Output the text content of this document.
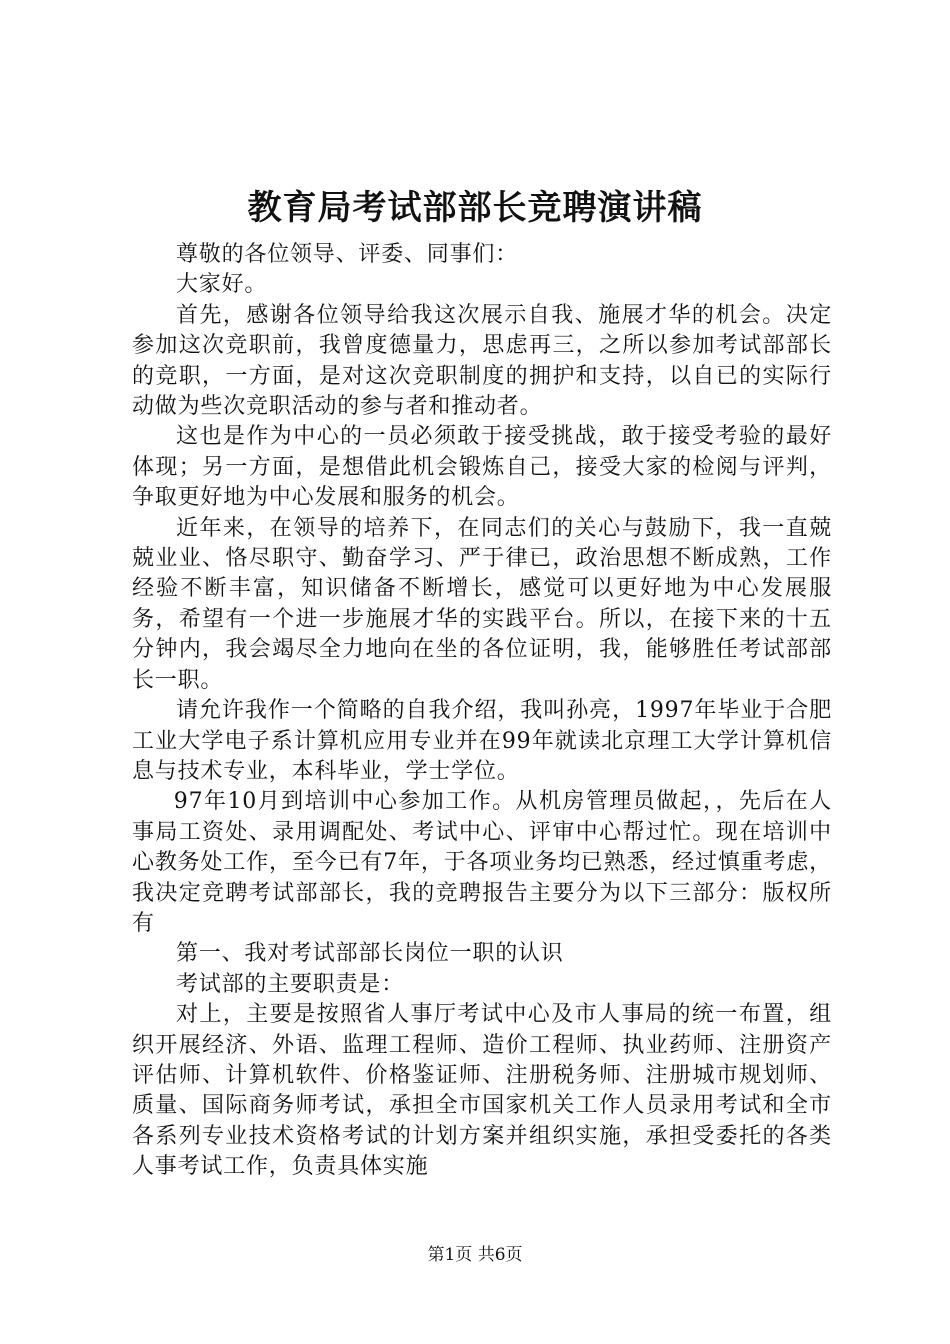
教育局考试部部长竞聘演讲稿

尊敬的各位领导、评委、同事们：

大家好。

首先，感谢各位领导给我这次展示自我、施展才华的机会。决定参加这次竞职前，我曾度德量力，思虑再三，之所以参加考试部部长的竞职，一方面，是对这次竞职制度的拥护和支持，以自已的实际行动做为些次竞职活动的参与者和推动者。

这也是作为中心的一员必须敢于接受挑战，敢于接受考验的最好体现；另一方面，是想借此机会锻炼自己，接受大家的检阅与评判，争取更好地为中心发展和服务的机会。

近年来，在领导的培养下，在同志们的关心与鼓励下，我一直兢兢业业、恪尽职守、勤奋学习、严于律已，政治思想不断成熟，工作经验不断丰富，知识储备不断增长，感觉可以更好地为中心发展服务，希望有一个进一步施展才华的实践平台。所以，在接下来的十五分钟内，我会竭尽全力地向在坐的各位证明，我，能够胜任考试部部长一职。

请允许我作一个简略的自我介绍，我叫孙亮，1997年毕业于合肥工业大学电子系计算机应用专业并在99年就读北京理工大学计算机信息与技术专业，本科毕业，学士学位。

97年10月到培训中心参加工作。从机房管理员做起，，先后在人事局工资处、录用调配处、考试中心、评审中心帮过忙。现在培训中心教务处工作，至今已有7年，于各项业务均已熟悉，经过慎重考虑，我决定竞聘考试部部长，我的竞聘报告主要分为以下三部分：版权所有

第一、我对考试部部长岗位一职的认识

考试部的主要职责是：

对上，主要是按照省人事厅考试中心及市人事局的统一布置，组织开展经济、外语、监理工程师、造价工程师、执业药师、注册资产评估师、计算机软件、价格鉴证师、注册税务师、注册城市规划师、质量、国际商务师考试，承担全市国家机关工作人员录用考试和全市各系列专业技术资格考试的计划方案并组织实施，承担受委托的各类人事考试工作，负责具体实施

第1页 共6页
